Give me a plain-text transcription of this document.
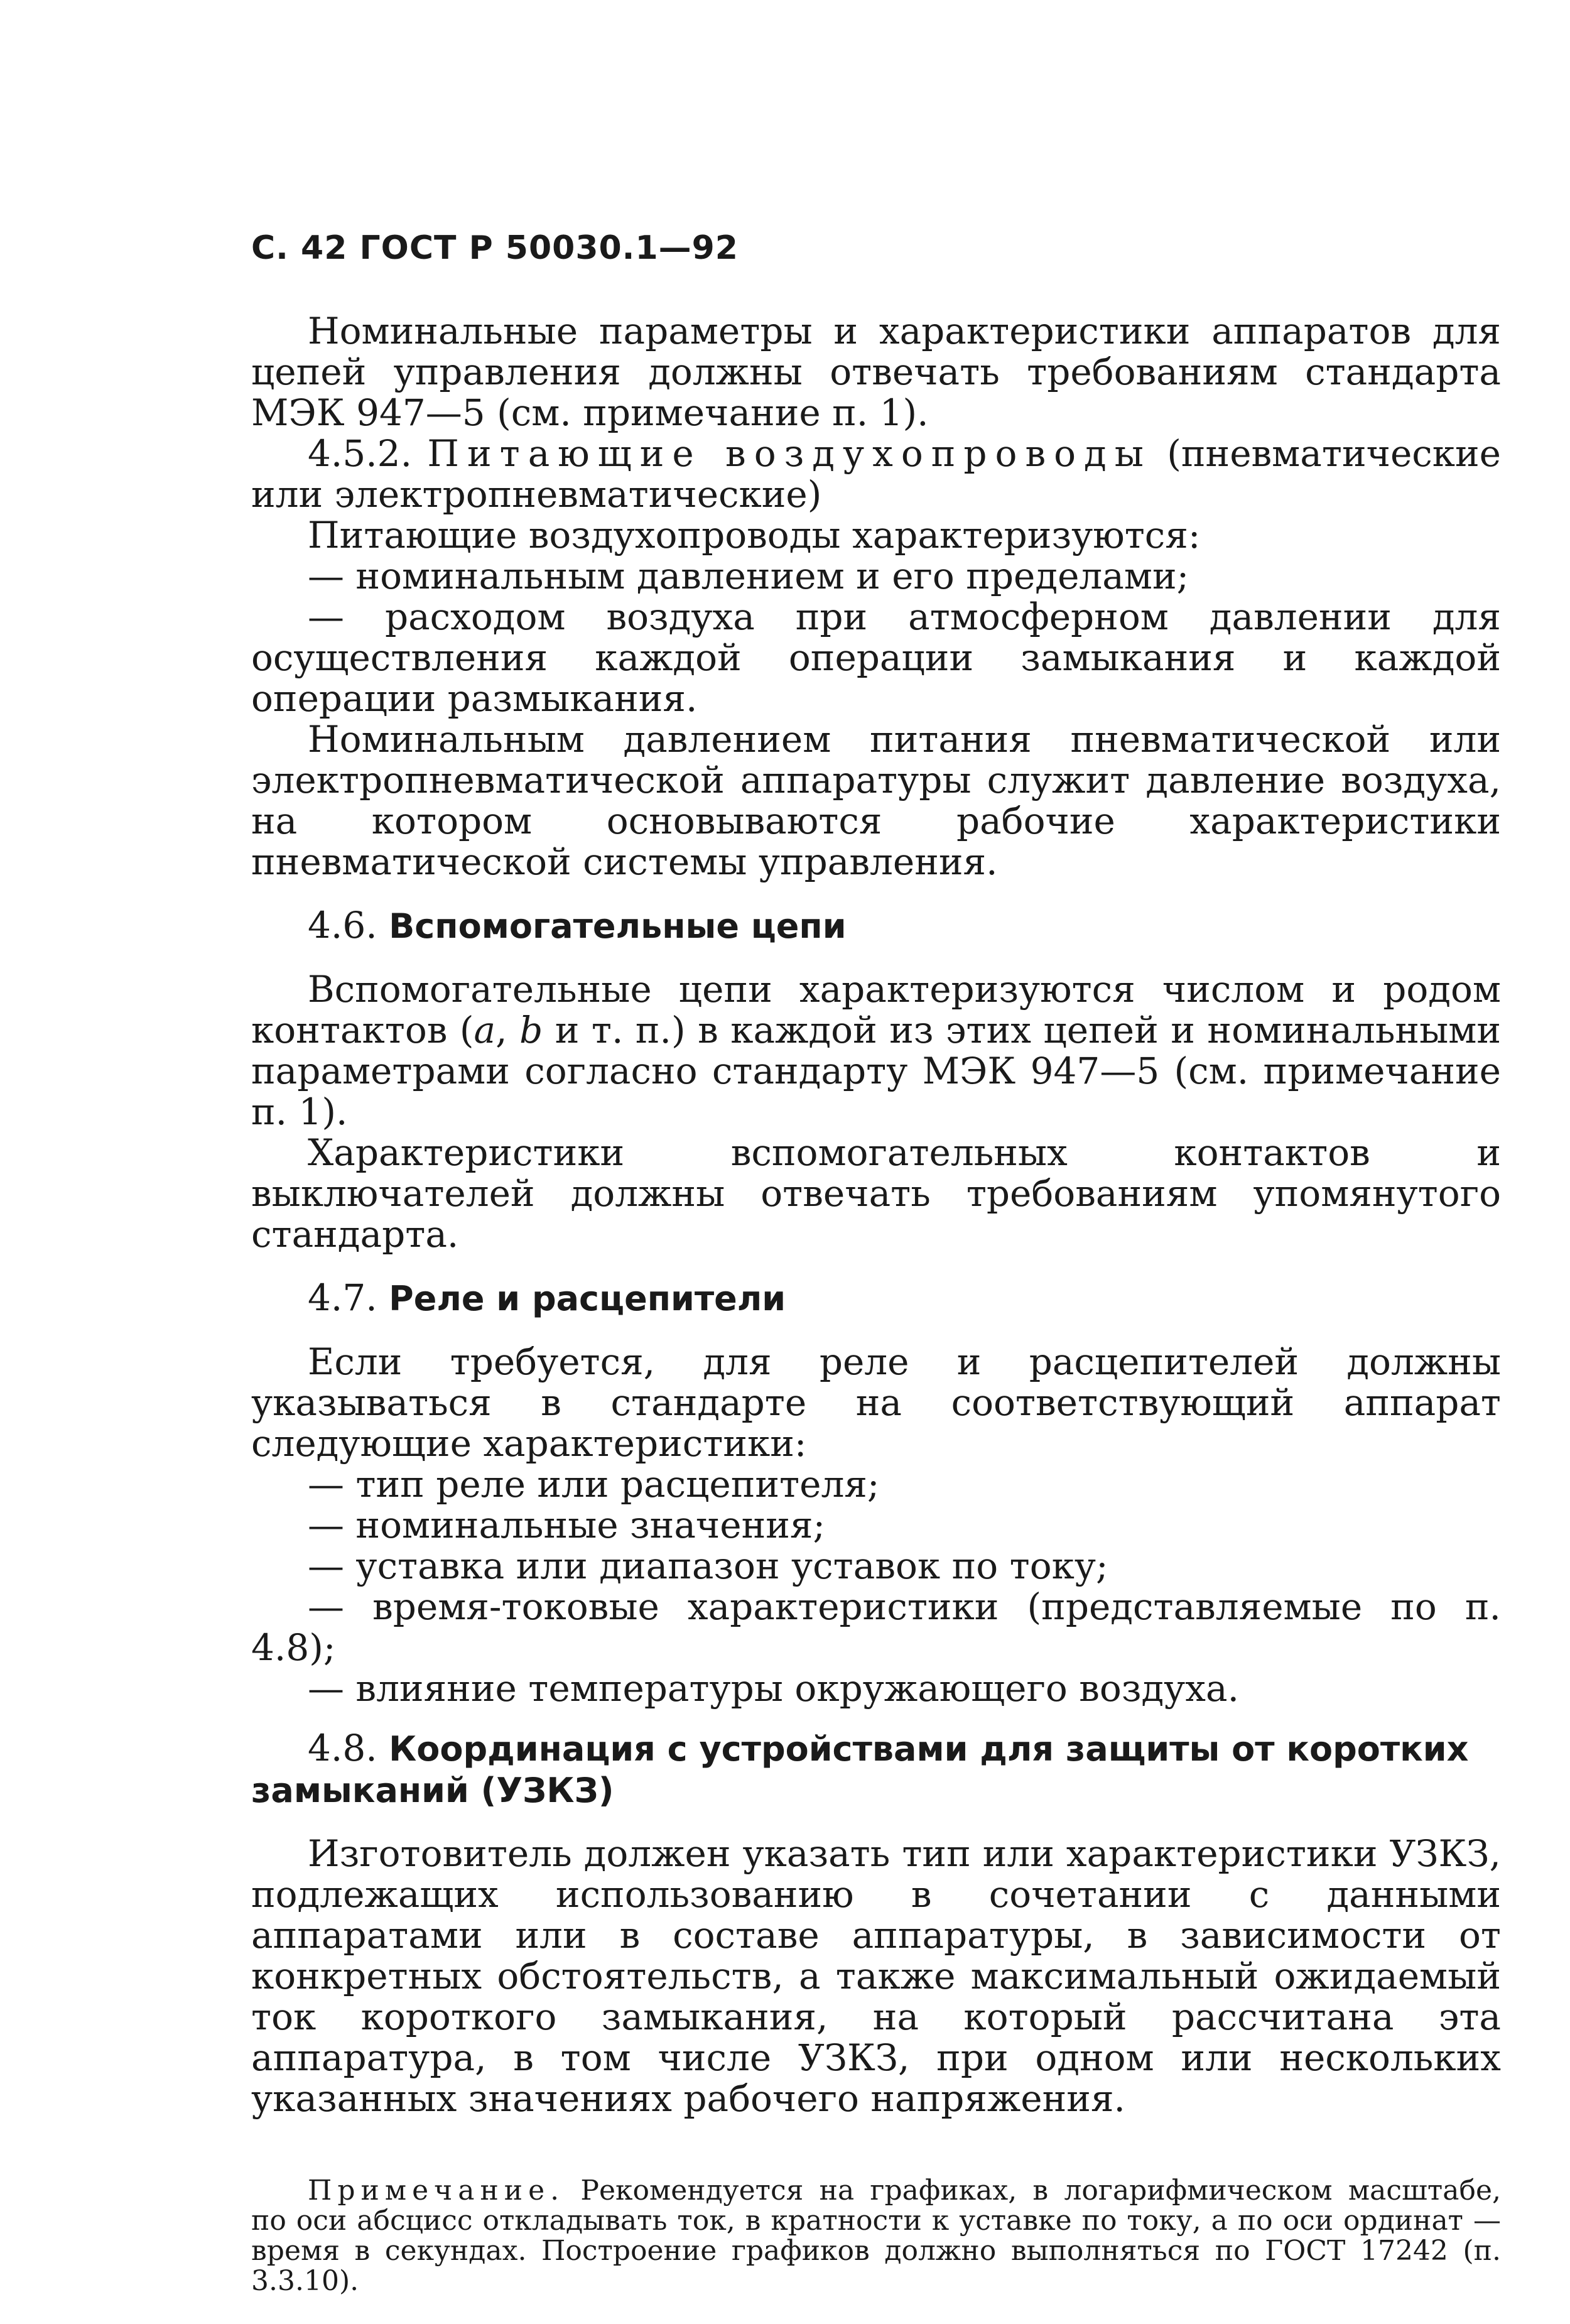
С. 42 ГОСТ Р 50030.1—92

Номинальные параметры и характеристики аппаратов для цепей управления должны отвечать требованиям стандарта МЭК 947—5 (см. примечание п. 1).

4.5.2. Питающие воздухопроводы (пневматические или электропневматические)

Питающие воздухопроводы характеризуются:

— номинальным давлением и его пределами;

— расходом воздуха при атмосферном давлении для осуществления каждой операции замыкания и каждой операции размыкания.

Номинальным давлением питания пневматической или электропневматической аппаратуры служит давление воздуха, на котором основываются рабочие характеристики пневматической системы управления.

4.6. Вспомогательные цепи

Вспомогательные цепи характеризуются числом и родом контактов (a, b и т. п.) в каждой из этих цепей и номинальными параметрами согласно стандарту МЭК 947—5 (см. примечание п. 1).

Характеристики вспомогательных контактов и выключателей должны отвечать требованиям упомянутого стандарта.

4.7. Реле и расцепители

Если требуется, для реле и расцепителей должны указываться в стандарте на соответствующий аппарат следующие характеристики:

— тип реле или расцепителя;

— номинальные значения;

— уставка или диапазон уставок по току;

— время-токовые характеристики (представляемые по п. 4.8);

— влияние температуры окружающего воздуха.

4.8. Координация с устройствами для защиты от коротких замыканий (УЗКЗ)

Изготовитель должен указать тип или характеристики УЗКЗ, подлежащих использованию в сочетании с данными аппаратами или в составе аппаратуры, в зависимости от конкретных обстоятельств, а также максимальный ожидаемый ток короткого замыкания, на который рассчитана эта аппаратура, в том числе УЗКЗ, при одном или нескольких указанных значениях рабочего напряжения.

Примечание. Рекомендуется на графиках, в логарифмическом масштабе, по оси абсцисс откладывать ток, в кратности к уставке по току, а по оси ординат — время в секундах. Построение графиков должно выполняться по ГОСТ 17242 (п. 3.3.10).
